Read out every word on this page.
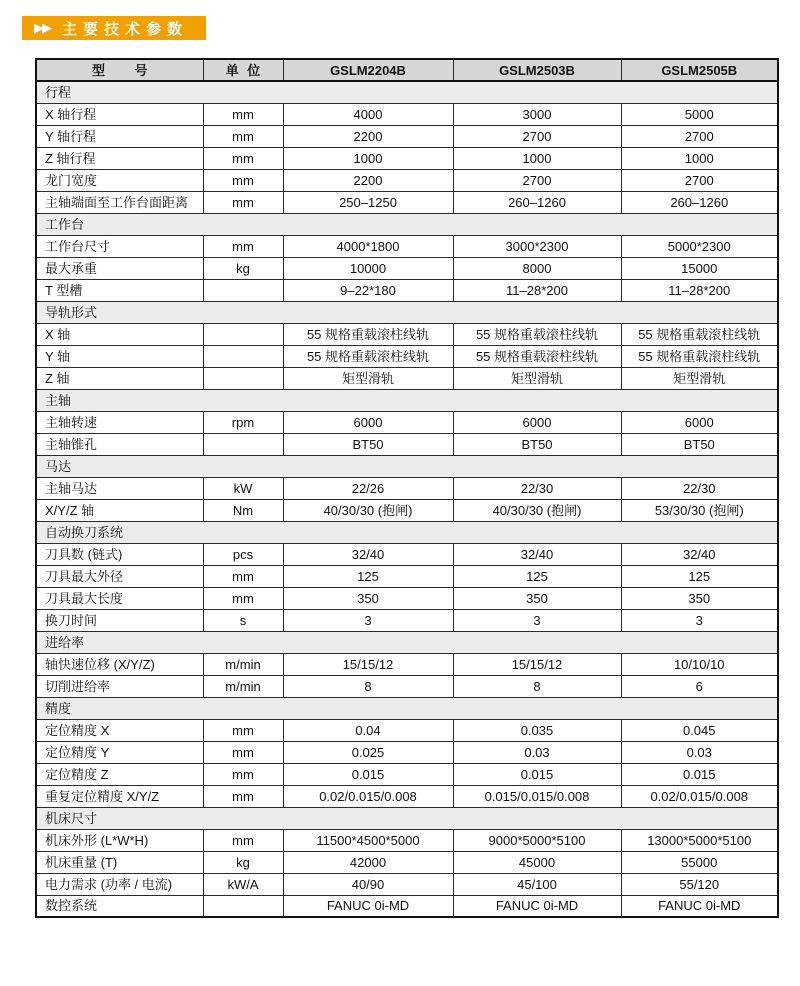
▶▶ 主要技术参数
型 号	单 位	GSLM2204B	GSLM2503B	GSLM2505B
行程				
X 轴行程	mm	4000	3000	5000
Y 轴行程	mm	2200	2700	2700
Z 轴行程	mm	1000	1000	1000
龙门宽度	mm	2200	2700	2700
主轴端面至工作台面距离	mm	250–1250	260–1260	260–1260
工作台				
工作台尺寸	mm	4000*1800	3000*2300	5000*2300
最大承重	kg	10000	8000	15000
T 型槽		9–22*180	11–28*200	11–28*200
导轨形式				
X 轴		55 规格重载滚柱线轨	55 规格重载滚柱线轨	55 规格重载滚柱线轨
Y 轴		55 规格重载滚柱线轨	55 规格重载滚柱线轨	55 规格重载滚柱线轨
Z 轴		矩型滑轨	矩型滑轨	矩型滑轨
主轴				
主轴转速	rpm	6000	6000	6000
主轴锥孔		BT50	BT50	BT50
马达				
主轴马达	kW	22/26	22/30	22/30
X/Y/Z 轴	Nm	40/30/30 (抱闸)	40/30/30 (抱闸)	53/30/30 (抱闸)
自动换刀系统				
刀具数 (链式)	pcs	32/40	32/40	32/40
刀具最大外径	mm	125	125	125
刀具最大长度	mm	350	350	350
换刀时间	s	3	3	3
进给率				
轴快速位移 (X/Y/Z)	m/min	15/15/12	15/15/12	10/10/10
切削进给率	m/min	8	8	6
精度				
定位精度 X	mm	0.04	0.035	0.045
定位精度 Y	mm	0.025	0.03	0.03
定位精度 Z	mm	0.015	0.015	0.015
重复定位精度 X/Y/Z	mm	0.02/0.015/0.008	0.015/0.015/0.008	0.02/0.015/0.008
机床尺寸				
机床外形 (L*W*H)	mm	11500*4500*5000	9000*5000*5100	13000*5000*5100
机床重量 (T)	kg	42000	45000	55000
电力需求 (功率 / 电流)	kW/A	40/90	45/100	55/120
数控系统		FANUC 0i-MD	FANUC 0i-MD	FANUC 0i-MD
